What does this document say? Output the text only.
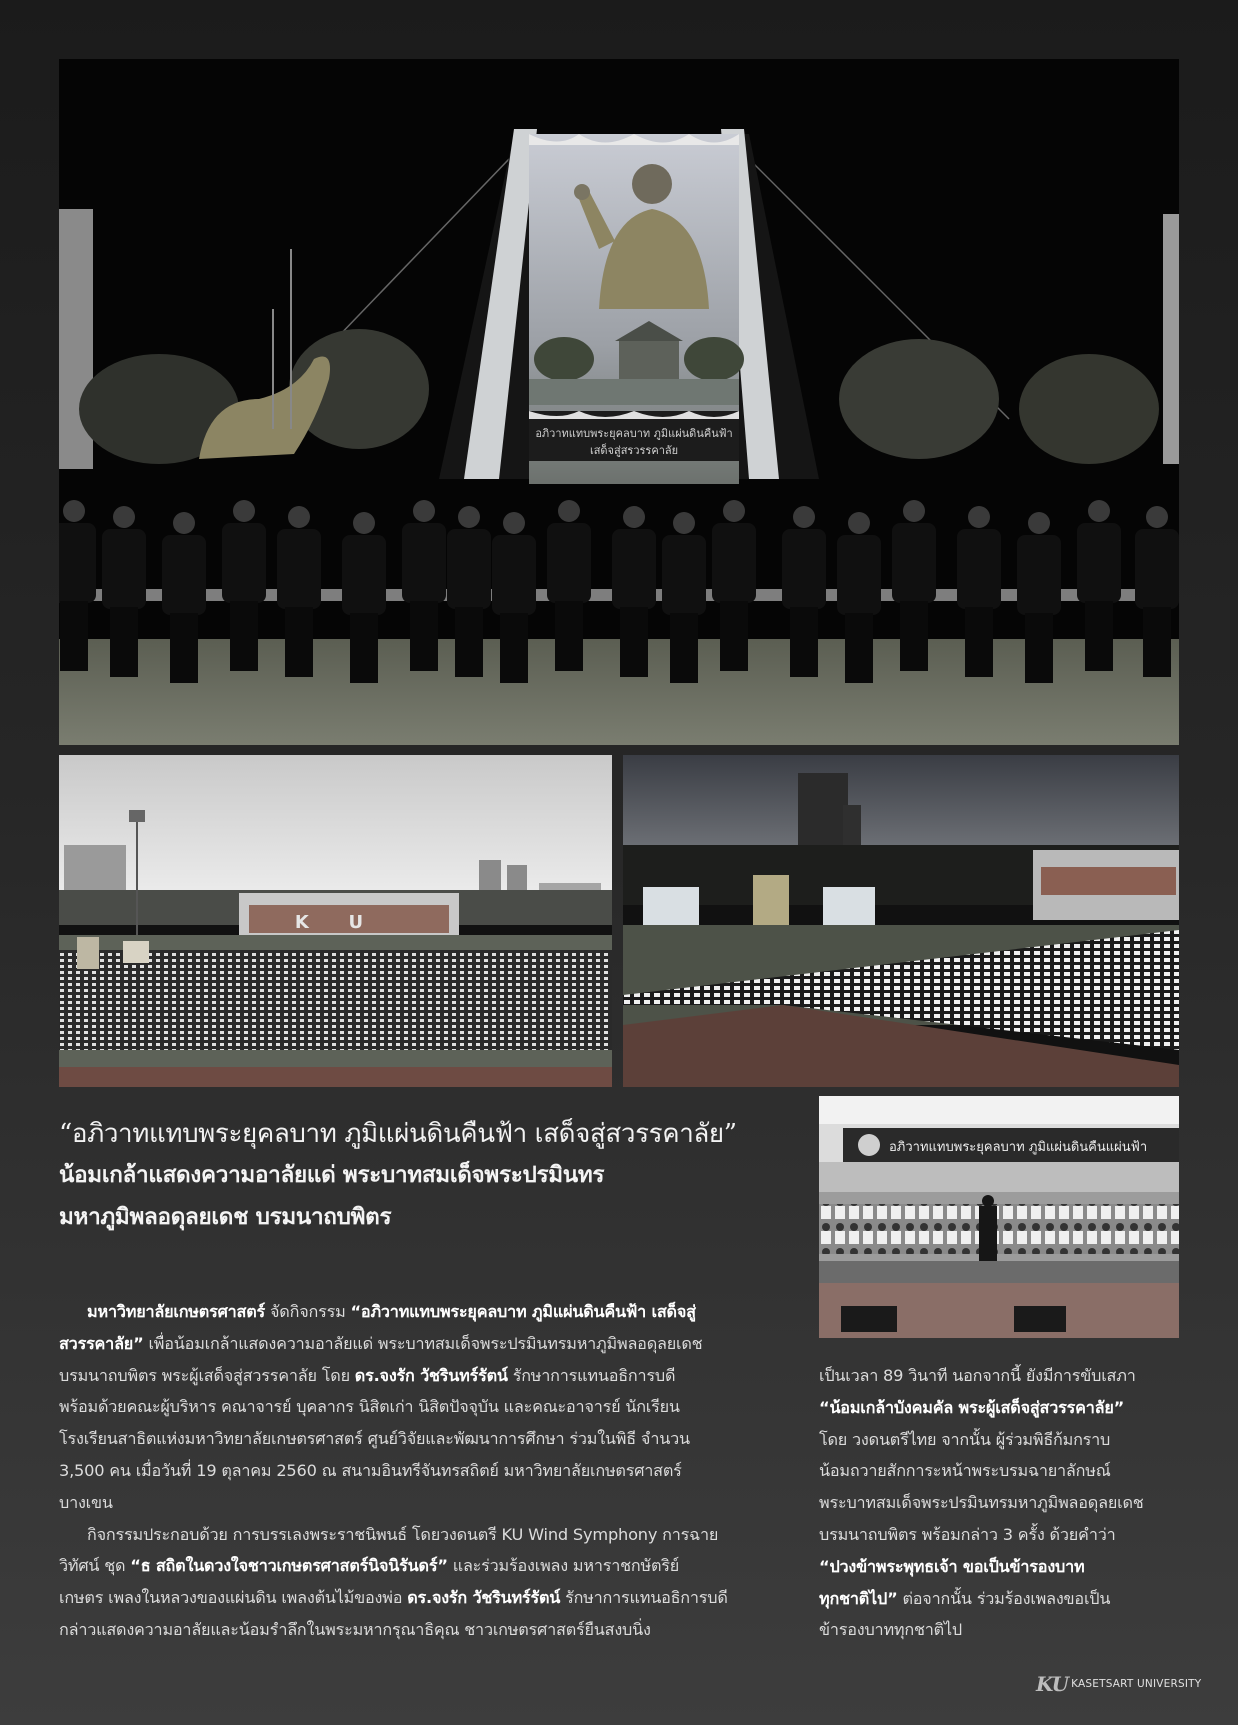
อภิวาทแทบพระยุคลบาท ภูมิแผ่นดินคืนฟ้า
เสด็จสู่สรวรรคาลัย
KU
อภิวาทแทบพระยุคลบาท ภูมิแผ่นดินคืนแผ่นฟ้า
“อภิวาทแทบพระยุคลบาท ภูมิแผ่นดินคืนฟ้า เสด็จสู่สวรรคาลัย”
น้อมเกล้าแสดงความอาลัยแด่ พระบาทสมเด็จพระปรมินทร
มหาภูมิพลอดุลยเดช บรมนาถบพิตร
มหาวิทยาลัยเกษตรศาสตร์ จัดกิจกรรม “อภิวาทแทบพระยุคลบาท ภูมิแผ่นดินคืนฟ้า เสด็จสู่
สวรรคาลัย” เพื่อน้อมเกล้าแสดงความอาลัยแด่ พระบาทสมเด็จพระปรมินทรมหาภูมิพลอดุลยเดช
บรมนาถบพิตร พระผู้เสด็จสู่สวรรคาลัย โดย ดร.จงรัก วัชรินทร์รัตน์ รักษาการแทนอธิการบดี
พร้อมด้วยคณะผู้บริหาร คณาจารย์ บุคลากร นิสิตเก่า นิสิตปัจจุบัน และคณะอาจารย์ นักเรียน
โรงเรียนสาธิตแห่งมหาวิทยาลัยเกษตรศาสตร์ ศูนย์วิจัยและพัฒนาการศึกษา ร่วมในพิธี จำนวน
3,500 คน เมื่อวันที่ 19 ตุลาคม 2560 ณ สนามอินทรีจันทรสถิตย์ มหาวิทยาลัยเกษตรศาสตร์
บางเขน
กิจกรรมประกอบด้วย การบรรเลงพระราชนิพนธ์ โดยวงดนตรี KU Wind Symphony การฉาย
วิทัศน์ ชุด “ธ สถิตในดวงใจชาวเกษตรศาสตร์นิจนิรันดร์” และร่วมร้องเพลง มหาราชกษัตริย์
เกษตร เพลงในหลวงของแผ่นดิน เพลงต้นไม้ของพ่อ ดร.จงรัก วัชรินทร์รัตน์ รักษาการแทนอธิการบดี
กล่าวแสดงความอาลัยและน้อมรำลึกในพระมหากรุณาธิคุณ ชาวเกษตรศาสตร์ยืนสงบนิ่ง
เป็นเวลา 89 วินาที นอกจากนี้ ยังมีการขับเสภา
“น้อมเกล้าบังคมคัล พระผู้เสด็จสู่สวรรคาลัย”
โดย วงดนตรีไทย จากนั้น ผู้ร่วมพิธีก้มกราบ
น้อมถวายสักการะหน้าพระบรมฉายาลักษณ์
พระบาทสมเด็จพระปรมินทรมหาภูมิพลอดุลยเดช
บรมนาถบพิตร พร้อมกล่าว 3 ครั้ง ด้วยคำว่า
“ปวงข้าพระพุทธเจ้า ขอเป็นข้ารองบาท
ทุกชาติไป” ต่อจากนั้น ร่วมร้องเพลงขอเป็น
ข้ารองบาททุกชาติไป
KU KASETSART UNIVERSITY
